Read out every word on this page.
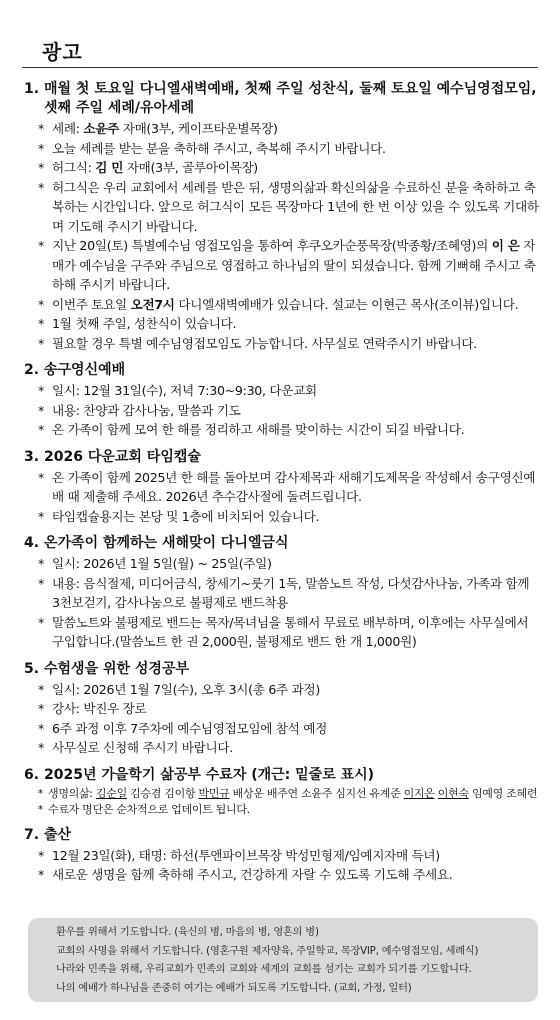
광고
1. 매월 첫 토요일 다니엘새벽예배, 첫째 주일 성찬식, 둘째 토요일 예수님영접모임,
셋째 주일 세례/유아세례
* 세례: 소윤주 자매(3부, 케이프타운별목장)
* 오늘 세례를 받는 분을 축하해 주시고, 축복해 주시기 바랍니다.
* 허그식: 김 민 자매(3부, 골루아이목장)
* 허그식은 우리 교회에서 세례를 받은 뒤, 생명의삶과 확신의삶을 수료하신 분을 축하하고 축복하는 시간입니다. 앞으로 허그식이 모든 목장마다 1년에 한 번 이상 있을 수 있도록 기대하며 기도해 주시기 바랍니다.
* 지난 20일(토) 특별예수님 영접모임을 통하여 후쿠오카순풍목장(박종황/조혜영)의 이 은 자매가 예수님을 구주와 주님으로 영접하고 하나님의 딸이 되셨습니다. 함께 기뻐해 주시고 축하해 주시기 바랍니다.
* 이번주 토요일 오전7시 다니엘새벽예배가 있습니다. 설교는 이현근 목사(조이뷰)입니다.
* 1월 첫째 주일, 성찬식이 있습니다.
* 필요할 경우 특별 예수님영접모임도 가능합니다. 사무실로 연락주시기 바랍니다.
2. 송구영신예배
* 일시: 12월 31일(수), 저녁 7:30~9:30, 다운교회
* 내용: 찬양과 감사나눔, 말씀과 기도
* 온 가족이 함께 모여 한 해를 정리하고 새해를 맞이하는 시간이 되길 바랍니다.
3. 2026 다운교회 타임캡슐
* 온 가족이 함께 2025년 한 해를 돌아보며 감사제목과 새해기도제목을 작성해서 송구영신예배 때 제출해 주세요. 2026년 추수감사절에 돌려드립니다.
* 타임캡슐용지는 본당 및 1층에 비치되어 있습니다.
4. 온가족이 함께하는 새해맞이 다니엘금식
* 일시: 2026년 1월 5일(월) ~ 25일(주일)
* 내용: 음식절제, 미디어금식, 창세기~룻기 1독, 말씀노트 작성, 다섯감사나눔, 가족과 함께 3천보걷기, 감사나눔으로 불평제로 밴드착용
* 말씀노트와 불평제로 밴드는 목자/목녀님을 통해서 무료로 배부하며, 이후에는 사무실에서 구입합니다.(말씀노트 한 권 2,000원, 불평제로 밴드 한 개 1,000원)
5. 수험생을 위한 성경공부
* 일시: 2026년 1월 7일(수), 오후 3시(총 6주 과정)
* 강사: 박진우 장로
* 6주 과정 이후 7주차에 예수님영접모임에 참석 예정
* 사무실로 신청해 주시기 바랍니다.
6. 2025년 가을학기 삶공부 수료자 (개근: 밑줄로 표시)
* 생명의삶: 김순일 김승겸 김이항 박민규 배상운 배주연 소윤주 심지선 유계준 이지은 이현숙 임예영 조혜련
* 수료자 명단은 순차적으로 업데이트 됩니다.
7. 출산
* 12월 23일(화), 태명: 하선(투앤파이브목장 박성민형제/임예지자매 득녀)
* 새로운 생명을 함께 축하해 주시고, 건강하게 자랄 수 있도록 기도해 주세요.

환우를 위해서 기도합니다. (육신의 병, 마음의 병, 영혼의 병)

교회의 사명을 위해서 기도합니다. (영혼구원 제자양육, 주일학교, 목장VIP, 예수영접모임, 세례식)

나라와 민족을 위해, 우리교회가 민족의 교회와 세계의 교회를 섬기는 교회가 되기를 기도합니다.

나의 예배가 하나님을 존중히 여기는 예배가 되도록 기도합니다. (교회, 가정, 일터)
